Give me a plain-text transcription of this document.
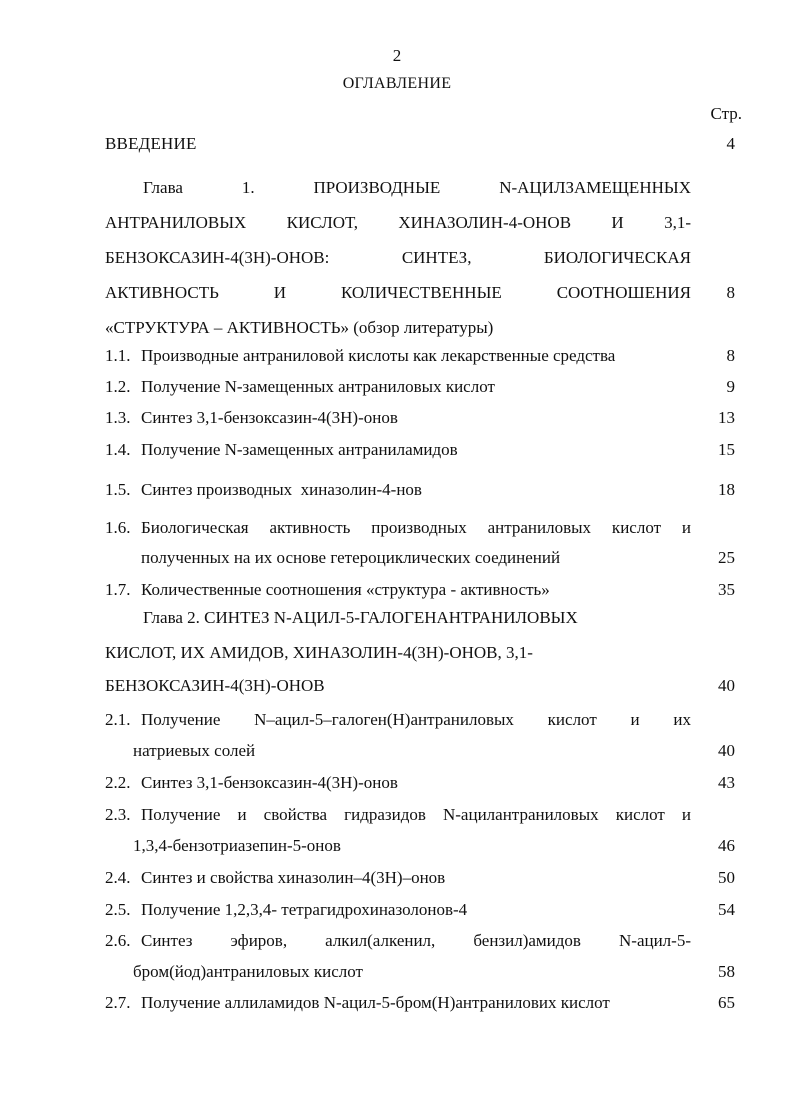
2
ОГЛАВЛЕНИЕ
Стр.
ВВЕДЕНИЕ	4
Глава	1.	ПРОИЗВОДНЫЕ	N-АЦИЛЗАМЕЩЕННЫХ
АНТРАНИЛОВЫХ КИСЛОТ, ХИНАЗОЛИН-4-ОНОВ И 3,1-
БЕНЗОКСАЗИН-4(3Н)-ОНОВ:	СИНТЕЗ,	БИОЛОГИЧЕСКАЯ
АКТИВНОСТЬ	И	КОЛИЧЕСТВЕННЫЕ	СООТНОШЕНИЯ 8
«СТРУКТУРА – АКТИВНОСТЬ» (обзор литературы)
1.1. Производные антраниловой кислоты как лекарственные средства	8
1.2. Получение N-замещенных антраниловых кислот	9
1.3. Синтез 3,1-бензоксазин-4(3Н)-онов	13
1.4. Получение N-замещенных антраниламидов	15
1.5. Синтез производных  хиназолин-4-нов	18
1.6. Биологическая активность производных антраниловых кислот и
полученных на их основе гетероциклических соединений	25
1.7. Количественные соотношения «структура - активность»	35
Глава 2. СИНТЕЗ N-АЦИЛ-5-ГАЛОГЕНАНТРАНИЛОВЫХ
КИСЛОТ, ИХ АМИДОВ, ХИНАЗОЛИН-4(3Н)-ОНОВ, 3,1-
БЕНЗОКСАЗИН-4(3Н)-ОНОВ	40
2.1. Получение   N–ацил-5–галоген(Н)антраниловых   кислот   и   их
натриевых солей	40
2.2. Синтез 3,1-бензоксазин-4(3Н)-онов	43
2.3. Получение и свойства гидразидов N-ацилантраниловых кислот и
1,3,4-бензотриазепин-5-онов	46
2.4. Синтез и свойства хиназолин–4(3Н)–онов	50
2.5. Получение 1,2,3,4- тетрагидрохиназолонов-4	54
2.6. Синтез   эфиров,   алкил(алкенил,   бензил)амидов   N-ацил-5-
бром(йод)антраниловых кислот	58
2.7. Получение аллиламидов N-ацил-5-бром(Н)антранилових кислот	65
